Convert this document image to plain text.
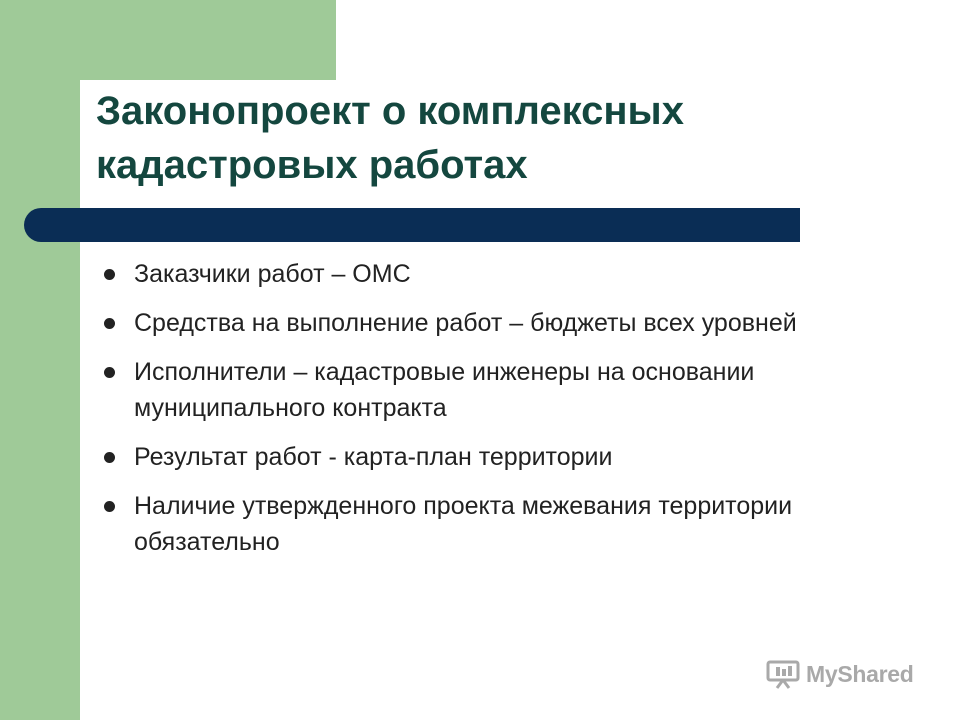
Законопроект о комплексных кадастровых работах
Заказчики работ – ОМС
Средства на выполнение работ – бюджеты всех уровней
Исполнители – кадастровые инженеры на основании муниципального контракта
Результат работ - карта-план территории
Наличие утвержденного проекта межевания территории обязательно
MyShared
